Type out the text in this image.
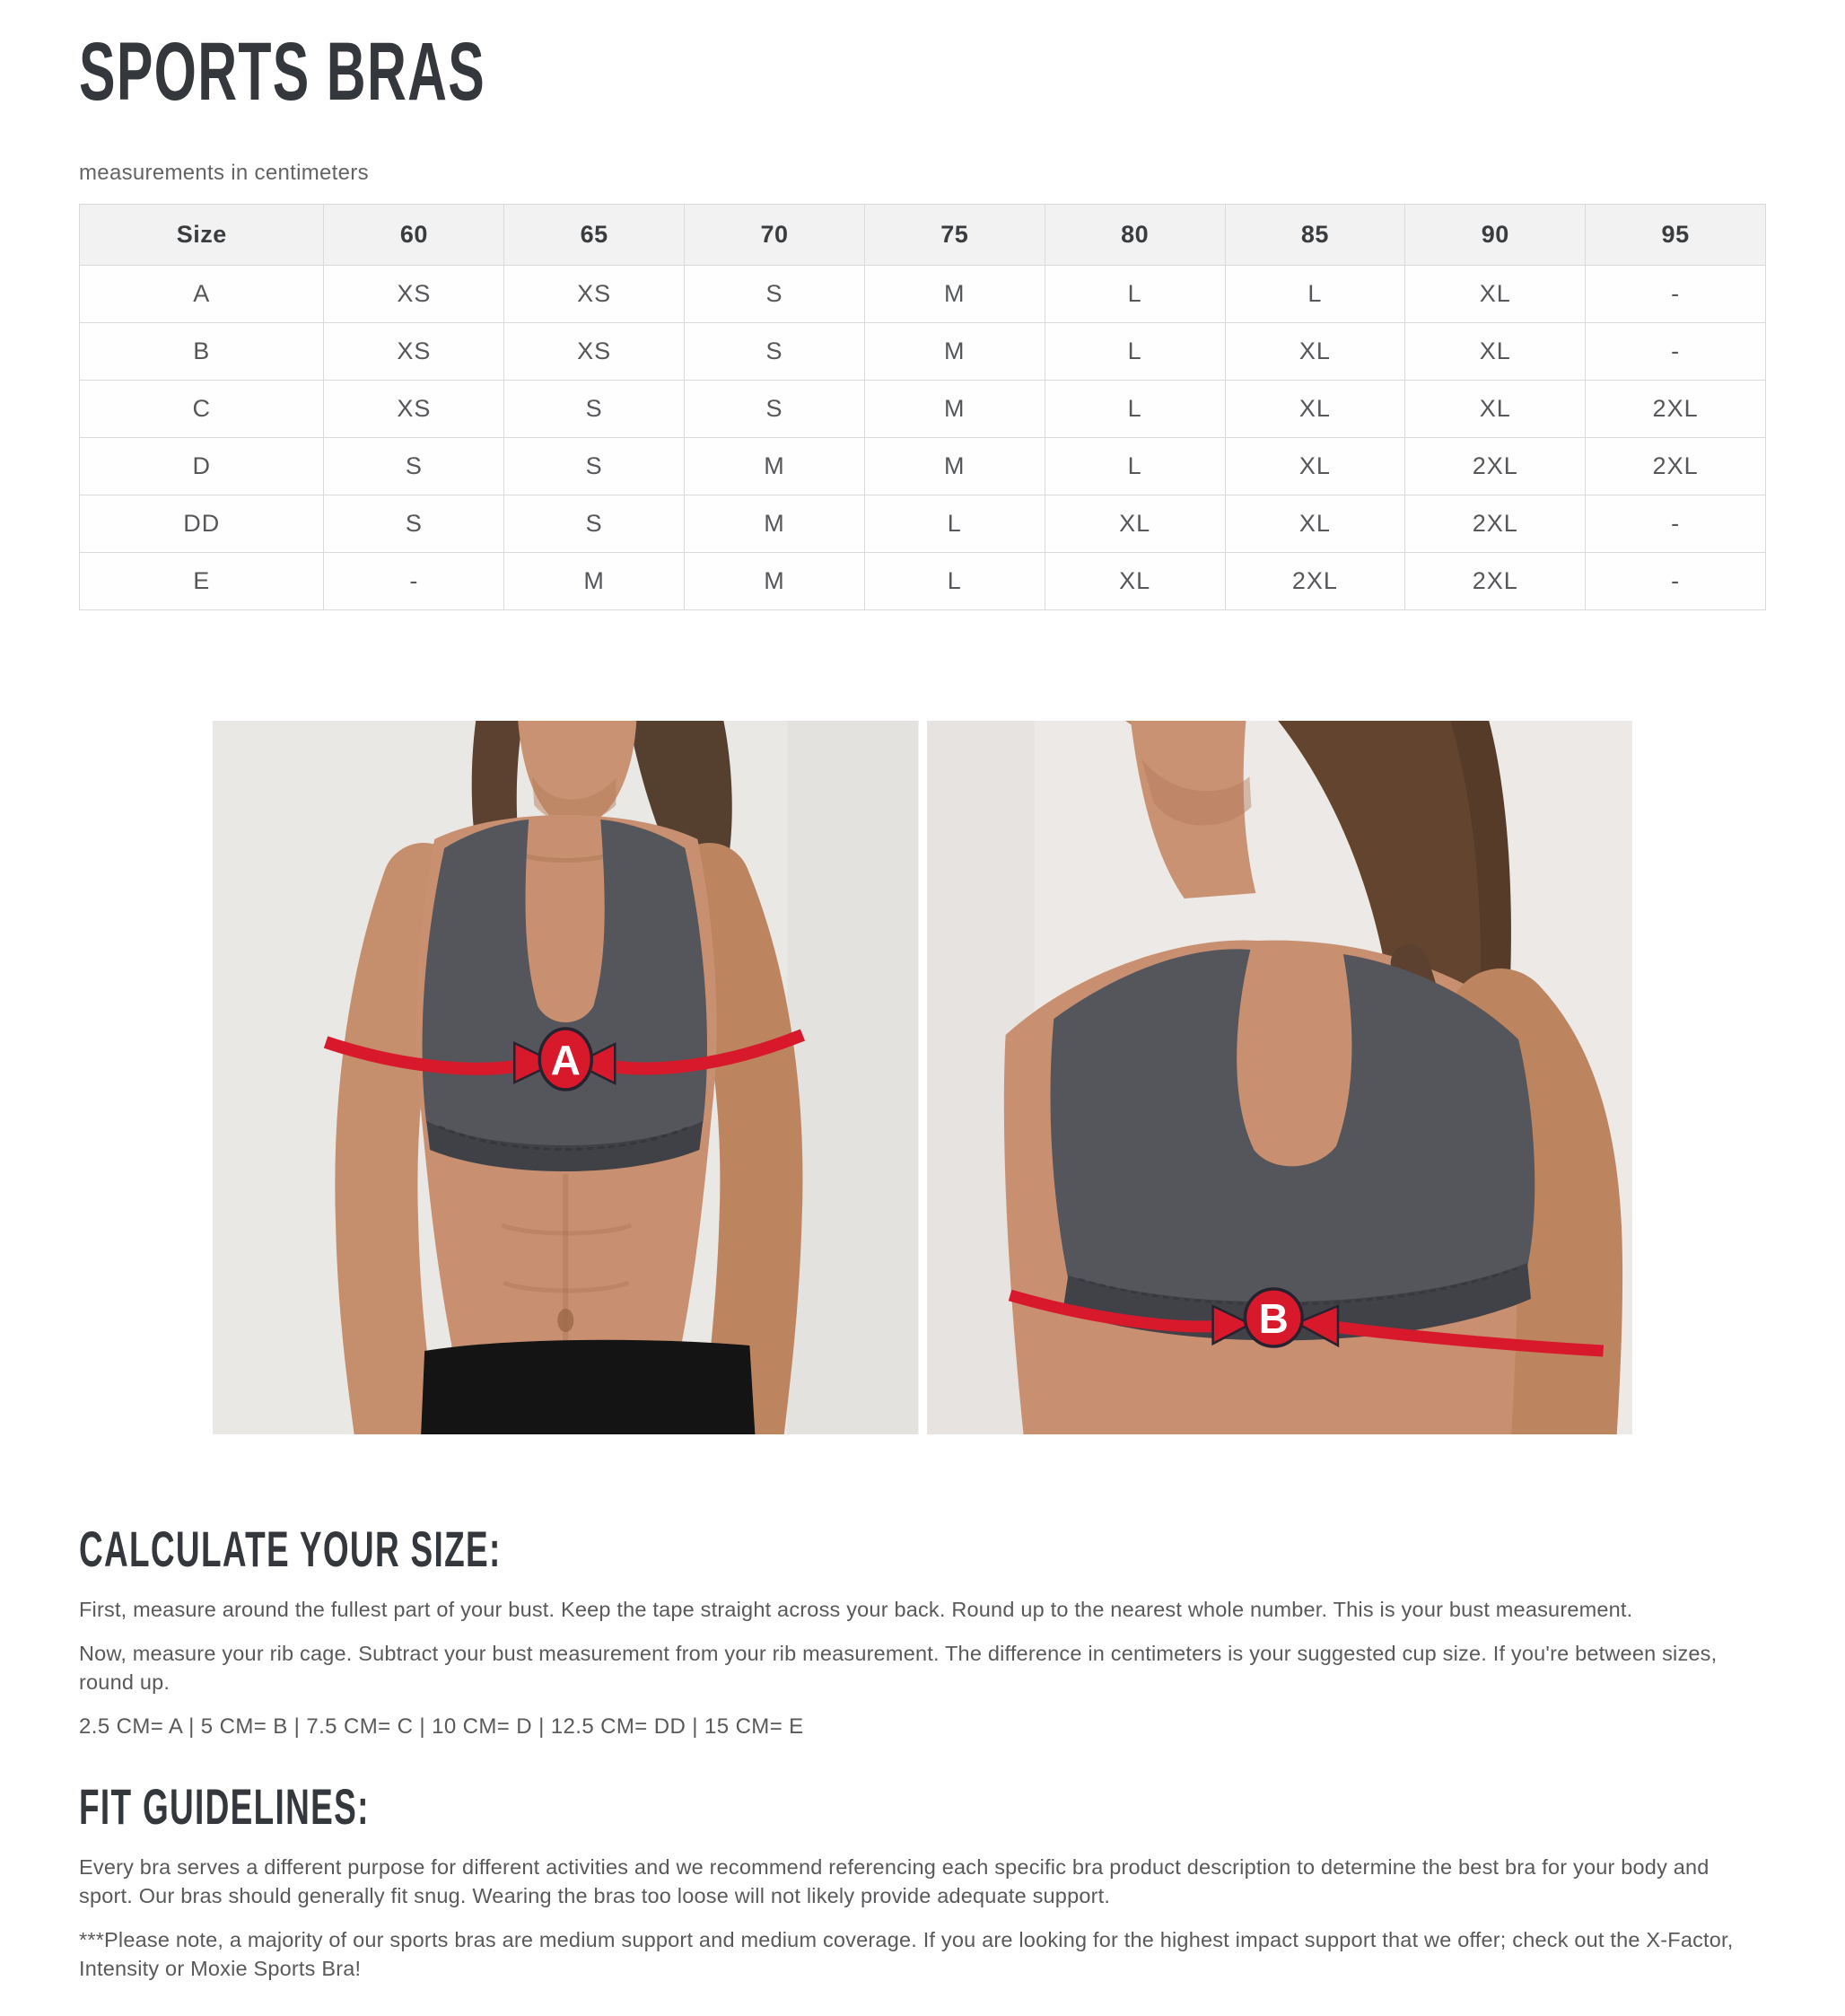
SPORTS BRAS

measurements in centimeters

Size	60	65	70	75	80	85	90	95
A	XS	XS	S	M	L	L	XL	-
B	XS	XS	S	M	L	XL	XL	-
C	XS	S	S	M	L	XL	XL	2XL
D	S	S	M	M	L	XL	2XL	2XL
DD	S	S	M	L	XL	XL	2XL	-
E	-	M	M	L	XL	2XL	2XL	-
A
B
CALCULATE YOUR SIZE:

First, measure around the fullest part of your bust. Keep the tape straight across your back. Round up to the nearest whole number. This is your bust measurement.

Now, measure your rib cage. Subtract your bust measurement from your rib measurement. The difference in centimeters is your suggested cup size. If you're between sizes, round up.

2.5 CM= A | 5 CM= B | 7.5 CM= C | 10 CM= D | 12.5 CM= DD | 15 CM= E

FIT GUIDELINES:

Every bra serves a different purpose for different activities and we recommend referencing each specific bra product description to determine the best bra for your body and sport. Our bras should generally fit snug. Wearing the bras too loose will not likely provide adequate support.

***Please note, a majority of our sports bras are medium support and medium coverage. If you are looking for the highest impact support that we offer; check out the X-Factor, Intensity or Moxie Sports Bra!
